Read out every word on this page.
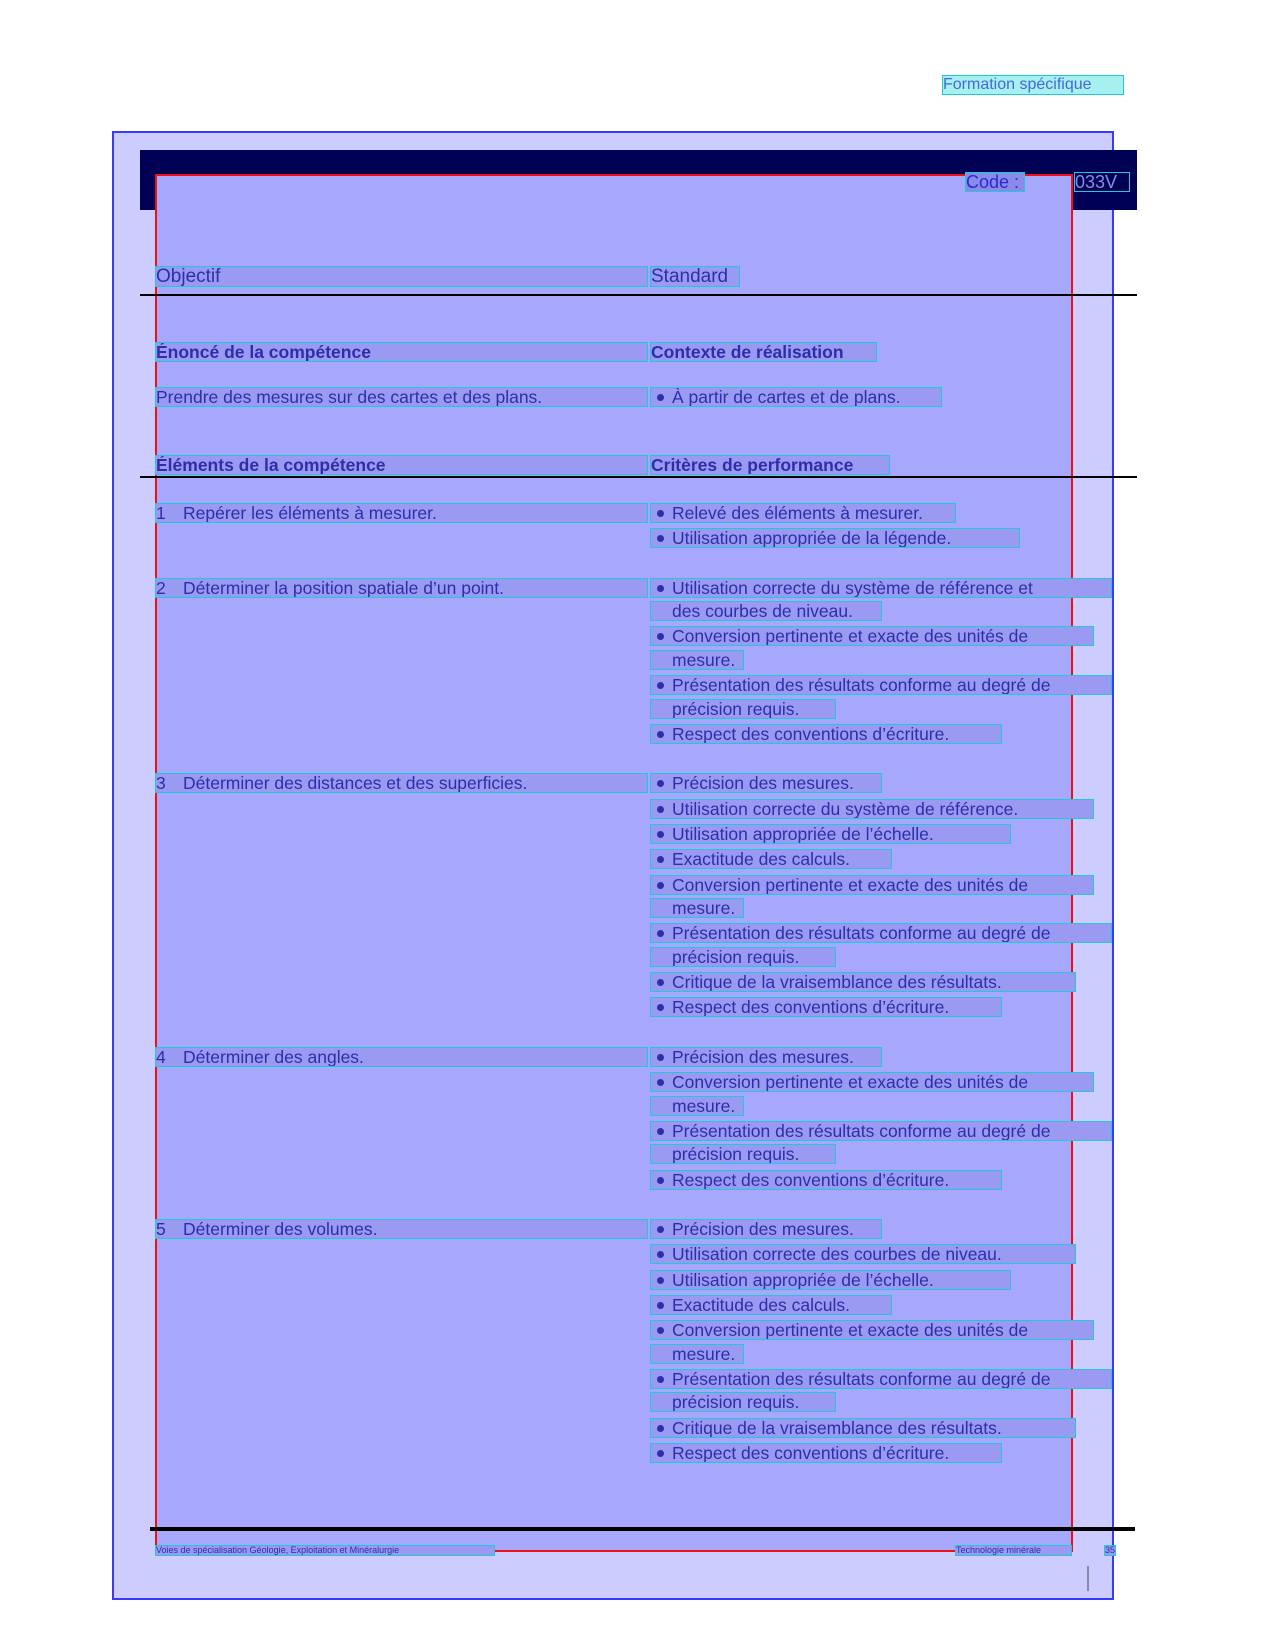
Formation spécifique
Code :	033V
Objectif	Standard
Énoncé de la compétence	Contexte de réalisation
Prendre des mesures sur des cartes et des plans.	À partir de cartes et de plans.
Éléments de la compétence	Critères de performance
1 Repérer les éléments à mesurer.	Relevé des éléments à mesurer.
Utilisation appropriée de la légende.
2 Déterminer la position spatiale d’un point.	Utilisation correcte du système de référence et
des courbes de niveau.
Conversion pertinente et exacte des unités de
mesure.
Présentation des résultats conforme au degré de
précision requis.
Respect des conventions d’écriture.
3 Déterminer des distances et des superficies.	Précision des mesures.
Utilisation correcte du système de référence.
Utilisation appropriée de l’échelle.
Exactitude des calculs.
Conversion pertinente et exacte des unités de
mesure.
Présentation des résultats conforme au degré de
précision requis.
Critique de la vraisemblance des résultats.
Respect des conventions d’écriture.
4 Déterminer des angles.	Précision des mesures.
Conversion pertinente et exacte des unités de
mesure.
Présentation des résultats conforme au degré de
précision requis.
Respect des conventions d’écriture.
5 Déterminer des volumes.	Précision des mesures.
Utilisation correcte des courbes de niveau.
Utilisation appropriée de l’échelle.
Exactitude des calculs.
Conversion pertinente et exacte des unités de
mesure.
Présentation des résultats conforme au degré de
précision requis.
Critique de la vraisemblance des résultats.
Respect des conventions d’écriture.
Voies de spécialisation Géologie, Exploitation et Minéralurgie	Technologie minérale	35
